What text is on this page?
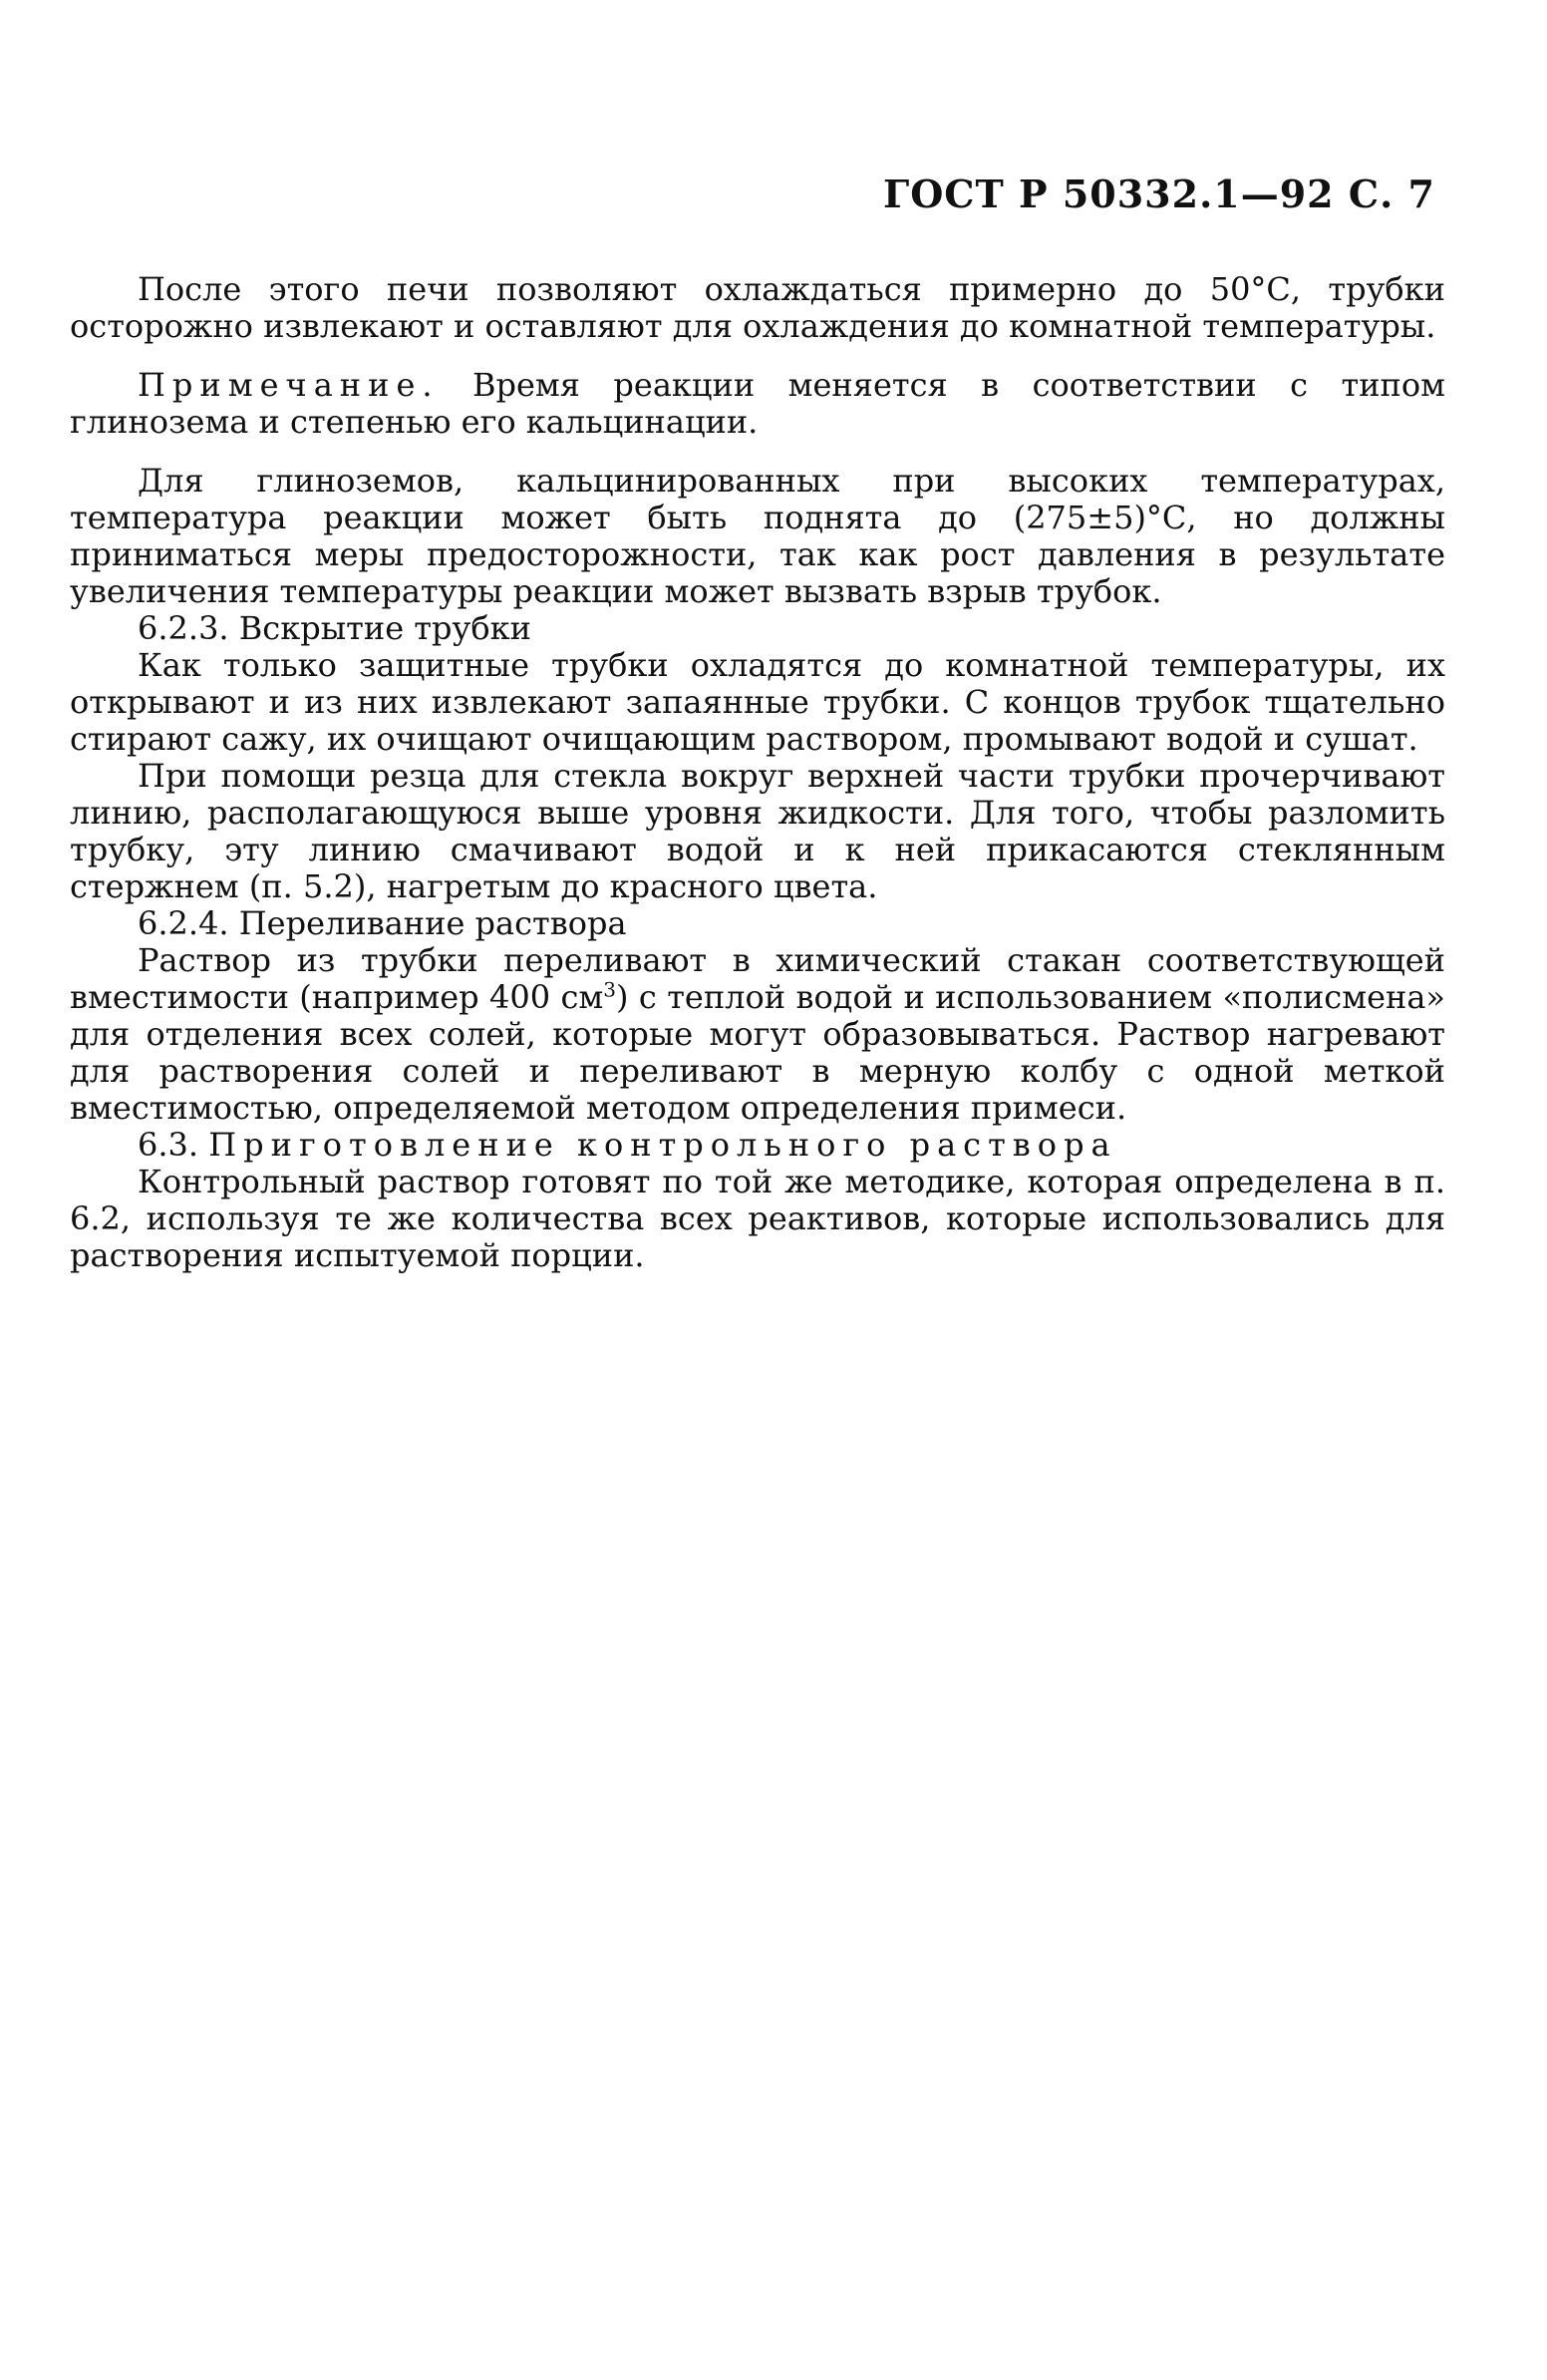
ГОСТ Р 50332.1—92 С. 7

После этого печи позволяют охлаждаться примерно до 50°С, трубки осторожно извлекают и оставляют для охлаждения до комнатной температуры.

Примечание. Время реакции меняется в соответствии с типом глинозема и степенью его кальцинации.

Для глиноземов, кальцинированных при высоких температурах, температура реакции может быть поднята до (275±5)°С, но должны приниматься меры предосторожности, так как рост давления в результате увеличения температуры реакции может вызвать взрыв трубок.

6.2.3. Вскрытие трубки

Как только защитные трубки охладятся до комнатной температуры, их открывают и из них извлекают запаянные трубки. С концов трубок тщательно стирают сажу, их очищают очищающим раствором, промывают водой и сушат.

При помощи резца для стекла вокруг верхней части трубки прочерчивают линию, располагающуюся выше уровня жидкости. Для того, чтобы разломить трубку, эту линию смачивают водой и к ней прикасаются стеклянным стержнем (п. 5.2), нагретым до красного цвета.

6.2.4. Переливание раствора

Раствор из трубки переливают в химический стакан соответствующей вместимости (например 400 $см^3$) с теплой водой и использованием «полисмена» для отделения всех солей, которые могут образовываться. Раствор нагревают для растворения солей и переливают в мерную колбу с одной меткой вместимостью, определяемой методом определения примеси.

6.3. Приготовление контрольного раствора

Контрольный раствор готовят по той же методике, которая определена в п. 6.2, используя те же количества всех реактивов, которые использовались для растворения испытуемой порции.
